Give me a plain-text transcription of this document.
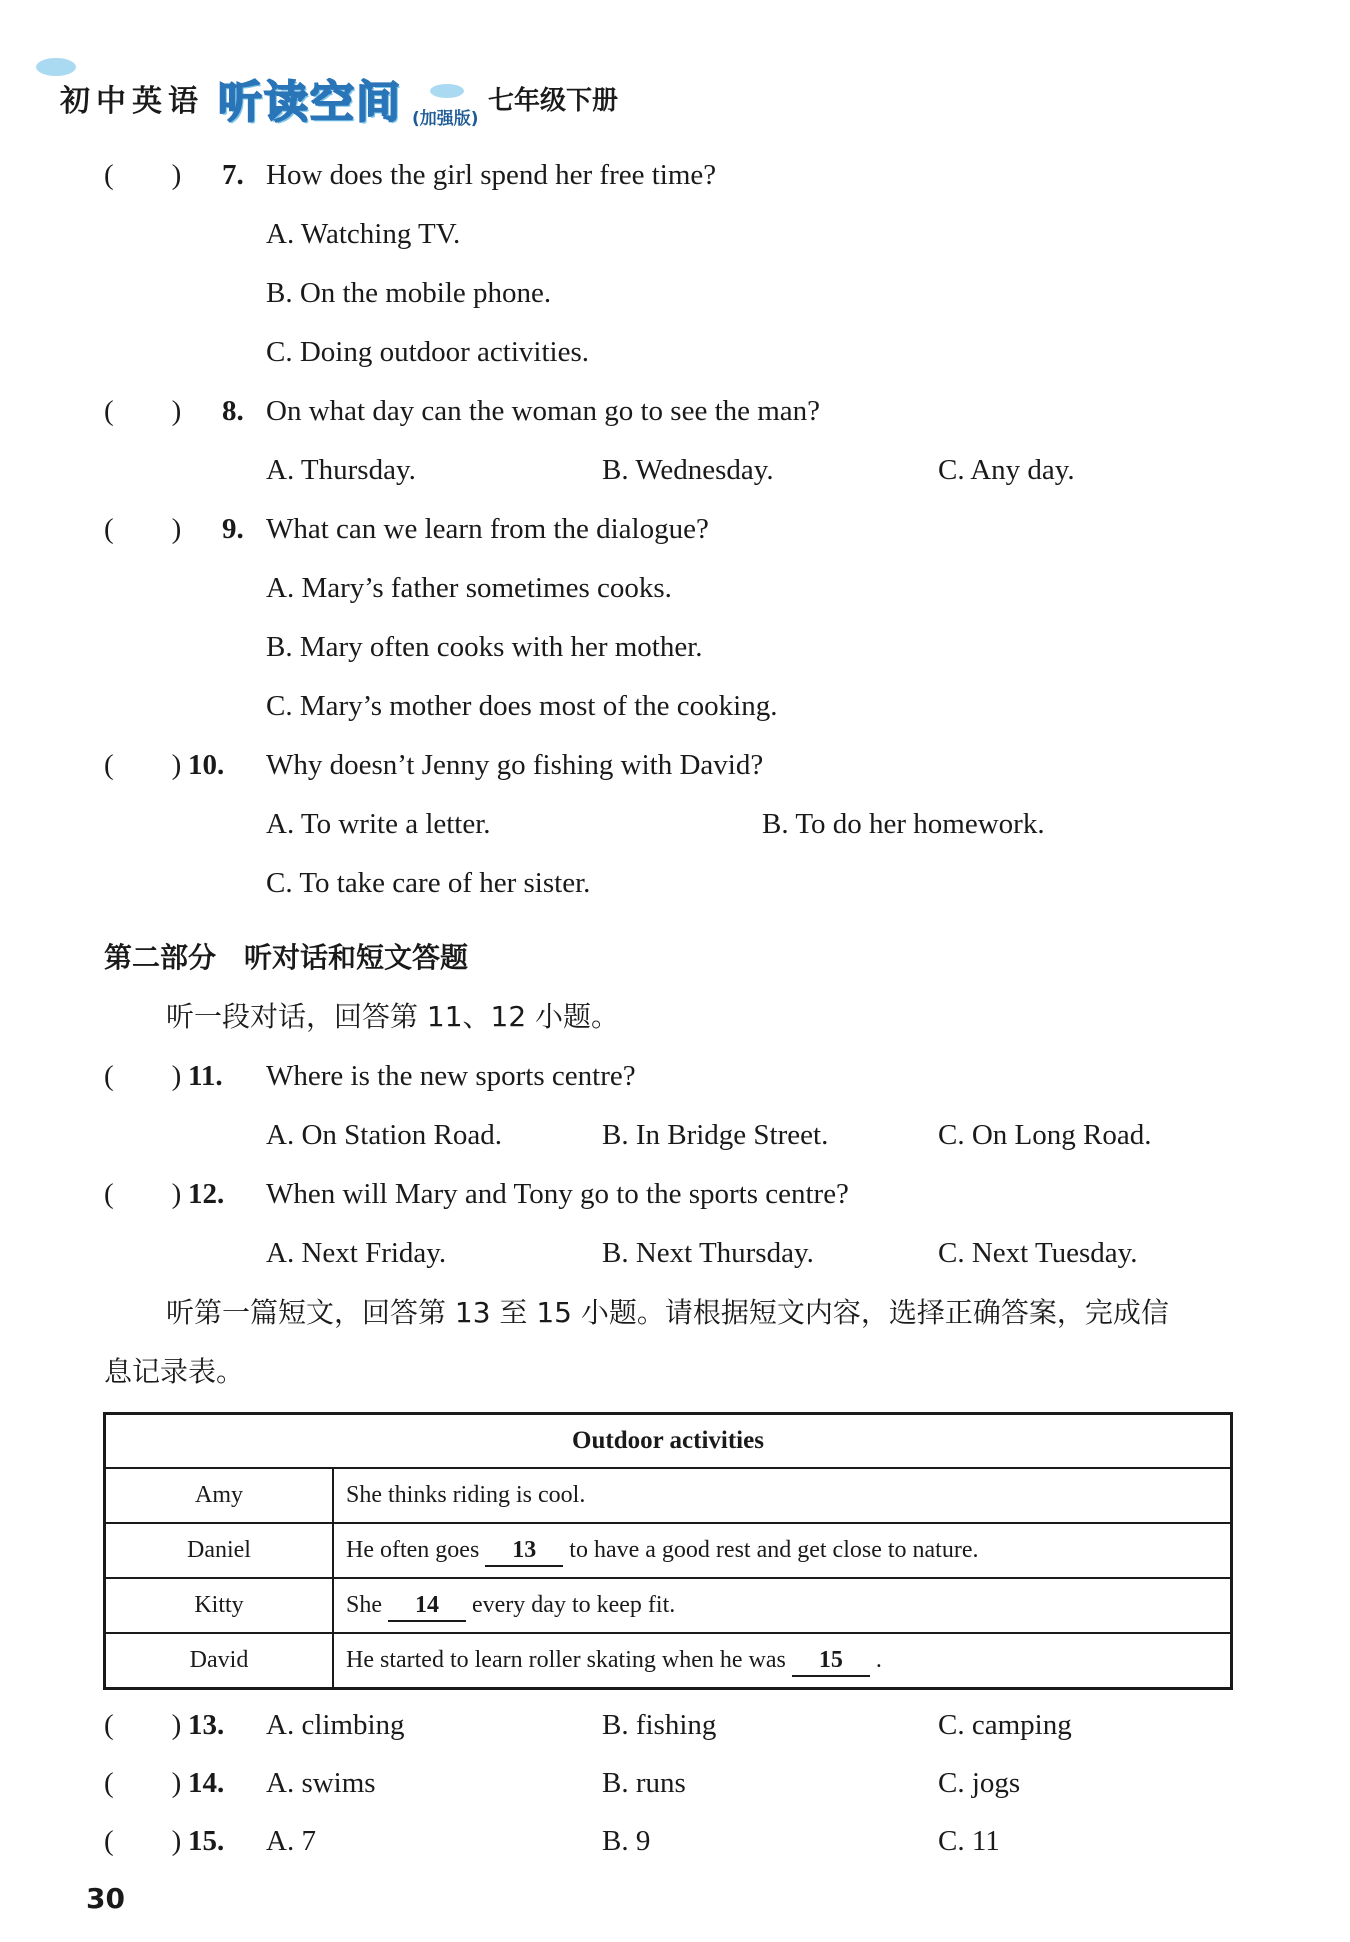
初中英语 听读空间 (加强版)
七年级下册
(　　) 7. How does the girl spend her free time?
A. Watching TV.
B. On the mobile phone.
C. Doing outdoor activities.
(　　) 8. On what day can the woman go to see the man?
A. Thursday.	B. Wednesday.	C. Any day.
(　　) 9. What can we learn from the dialogue?
A. Mary’s father sometimes cooks.
B. Mary often cooks with her mother.
C. Mary’s mother does most of the cooking.
(　　) 10. Why doesn’t Jenny go fishing with David?
A. To write a letter.	B. To do her homework.
C. To take care of her sister.
第二部分　听对话和短文答题
听一段对话，回答第 11、12 小题。
(　　) 11. Where is the new sports centre?
A. On Station Road.	B. In Bridge Street.	C. On Long Road.
(　　) 12. When will Mary and Tony go to the sports centre?
A. Next Friday.	B. Next Thursday.	C. Next Tuesday.
听第一篇短文，回答第 13 至 15 小题。请根据短文内容，选择正确答案，完成信
息记录表。
Outdoor activities
Amy	She thinks riding is cool.
Daniel	He often goes 13 to have a good rest and get close to nature.
Kitty	She 14 every day to keep fit.
David	He started to learn roller skating when he was 15 .
(　　) 13. A. climbing	B. fishing	C. camping
(　　) 14. A. swims	B. runs	C. jogs
(　　) 15. A. 7	B. 9	C. 11
30
